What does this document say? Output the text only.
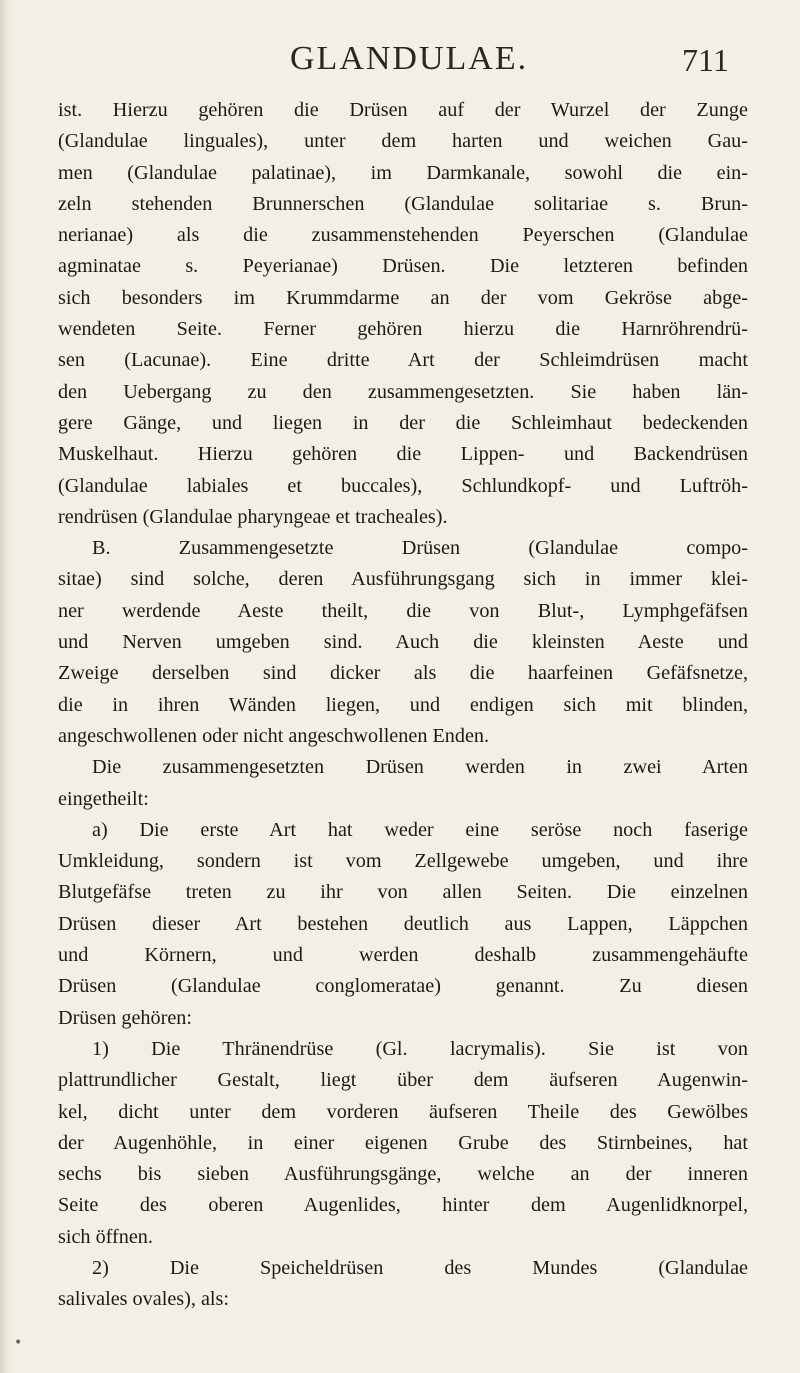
GLANDULAE.	711
ist. Hierzu gehören die Drüsen auf der Wurzel der Zunge
(Glandulae linguales), unter dem harten und weichen Gau-
men (Glandulae palatinae), im Darmkanale, sowohl die ein-
zeln stehenden Brunnerschen (Glandulae solitariae s. Brun-
nerianae) als die zusammenstehenden Peyerschen (Glandulae
agminatae s. Peyerianae) Drüsen. Die letzteren befinden
sich besonders im Krummdarme an der vom Gekröse abge-
wendeten Seite. Ferner gehören hierzu die Harnröhrendrü-
sen (Lacunae). Eine dritte Art der Schleimdrüsen macht
den Uebergang zu den zusammengesetzten. Sie haben län-
gere Gänge, und liegen in der die Schleimhaut bedeckenden
Muskelhaut. Hierzu gehören die Lippen- und Backendrüsen
(Glandulae labiales et buccales), Schlundkopf- und Luftröh-
rendrüsen (Glandulae pharyngeae et tracheales).
B. Zusammengesetzte Drüsen (Glandulae compo-
sitae) sind solche, deren Ausführungsgang sich in immer klei-
ner werdende Aeste theilt, die von Blut-, Lymphgefäfsen
und Nerven umgeben sind. Auch die kleinsten Aeste und
Zweige derselben sind dicker als die haarfeinen Gefäfsnetze,
die in ihren Wänden liegen, und endigen sich mit blinden,
angeschwollenen oder nicht angeschwollenen Enden.
Die zusammengesetzten Drüsen werden in zwei Arten
eingetheilt:
a) Die erste Art hat weder eine seröse noch faserige
Umkleidung, sondern ist vom Zellgewebe umgeben, und ihre
Blutgefäfse treten zu ihr von allen Seiten. Die einzelnen
Drüsen dieser Art bestehen deutlich aus Lappen, Läppchen
und Körnern, und werden deshalb zusammengehäufte
Drüsen (Glandulae conglomeratae) genannt. Zu diesen
Drüsen gehören:
1) Die Thränendrüse (Gl. lacrymalis). Sie ist von
plattrundlicher Gestalt, liegt über dem äufseren Augenwin-
kel, dicht unter dem vorderen äufseren Theile des Gewölbes
der Augenhöhle, in einer eigenen Grube des Stirnbeines, hat
sechs bis sieben Ausführungsgänge, welche an der inneren
Seite des oberen Augenlides, hinter dem Augenlidknorpel,
sich öffnen.
2) Die Speicheldrüsen des Mundes (Glandulae
salivales ovales), als:
•
